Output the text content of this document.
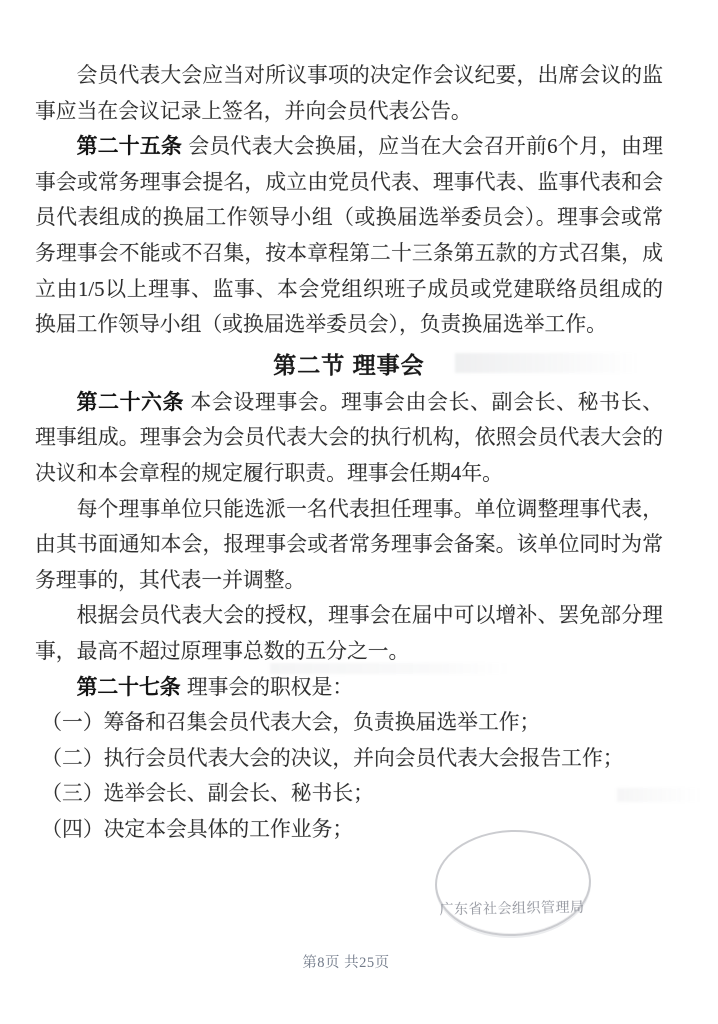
会员代表大会应当对所议事项的决定作会议纪要，出席会议的监事应当在会议记录上签名，并向会员代表公告。

第二十五条 会员代表大会换届，应当在大会召开前6个月，由理事会或常务理事会提名，成立由党员代表、理事代表、监事代表和会员代表组成的换届工作领导小组（或换届选举委员会）。理事会或常务理事会不能或不召集，按本章程第二十三条第五款的方式召集，成立由1/5以上理事、监事、本会党组织班子成员或党建联络员组成的换届工作领导小组（或换届选举委员会），负责换届选举工作。

第二节 理事会

第二十六条 本会设理事会。理事会由会长、副会长、秘书长、理事组成。理事会为会员代表大会的执行机构，依照会员代表大会的决议和本会章程的规定履行职责。理事会任期4年。

每个理事单位只能选派一名代表担任理事。单位调整理事代表，由其书面通知本会，报理事会或者常务理事会备案。该单位同时为常务理事的，其代表一并调整。

根据会员代表大会的授权，理事会在届中可以增补、罢免部分理事，最高不超过原理事总数的五分之一。

第二十七条 理事会的职权是：

（一）筹备和召集会员代表大会，负责换届选举工作；

（二）执行会员代表大会的决议，并向会员代表大会报告工作；

（三）选举会长、副会长、秘书长；

（四）决定本会具体的工作业务；

广东省社会组织管理局
第8页 共25页
